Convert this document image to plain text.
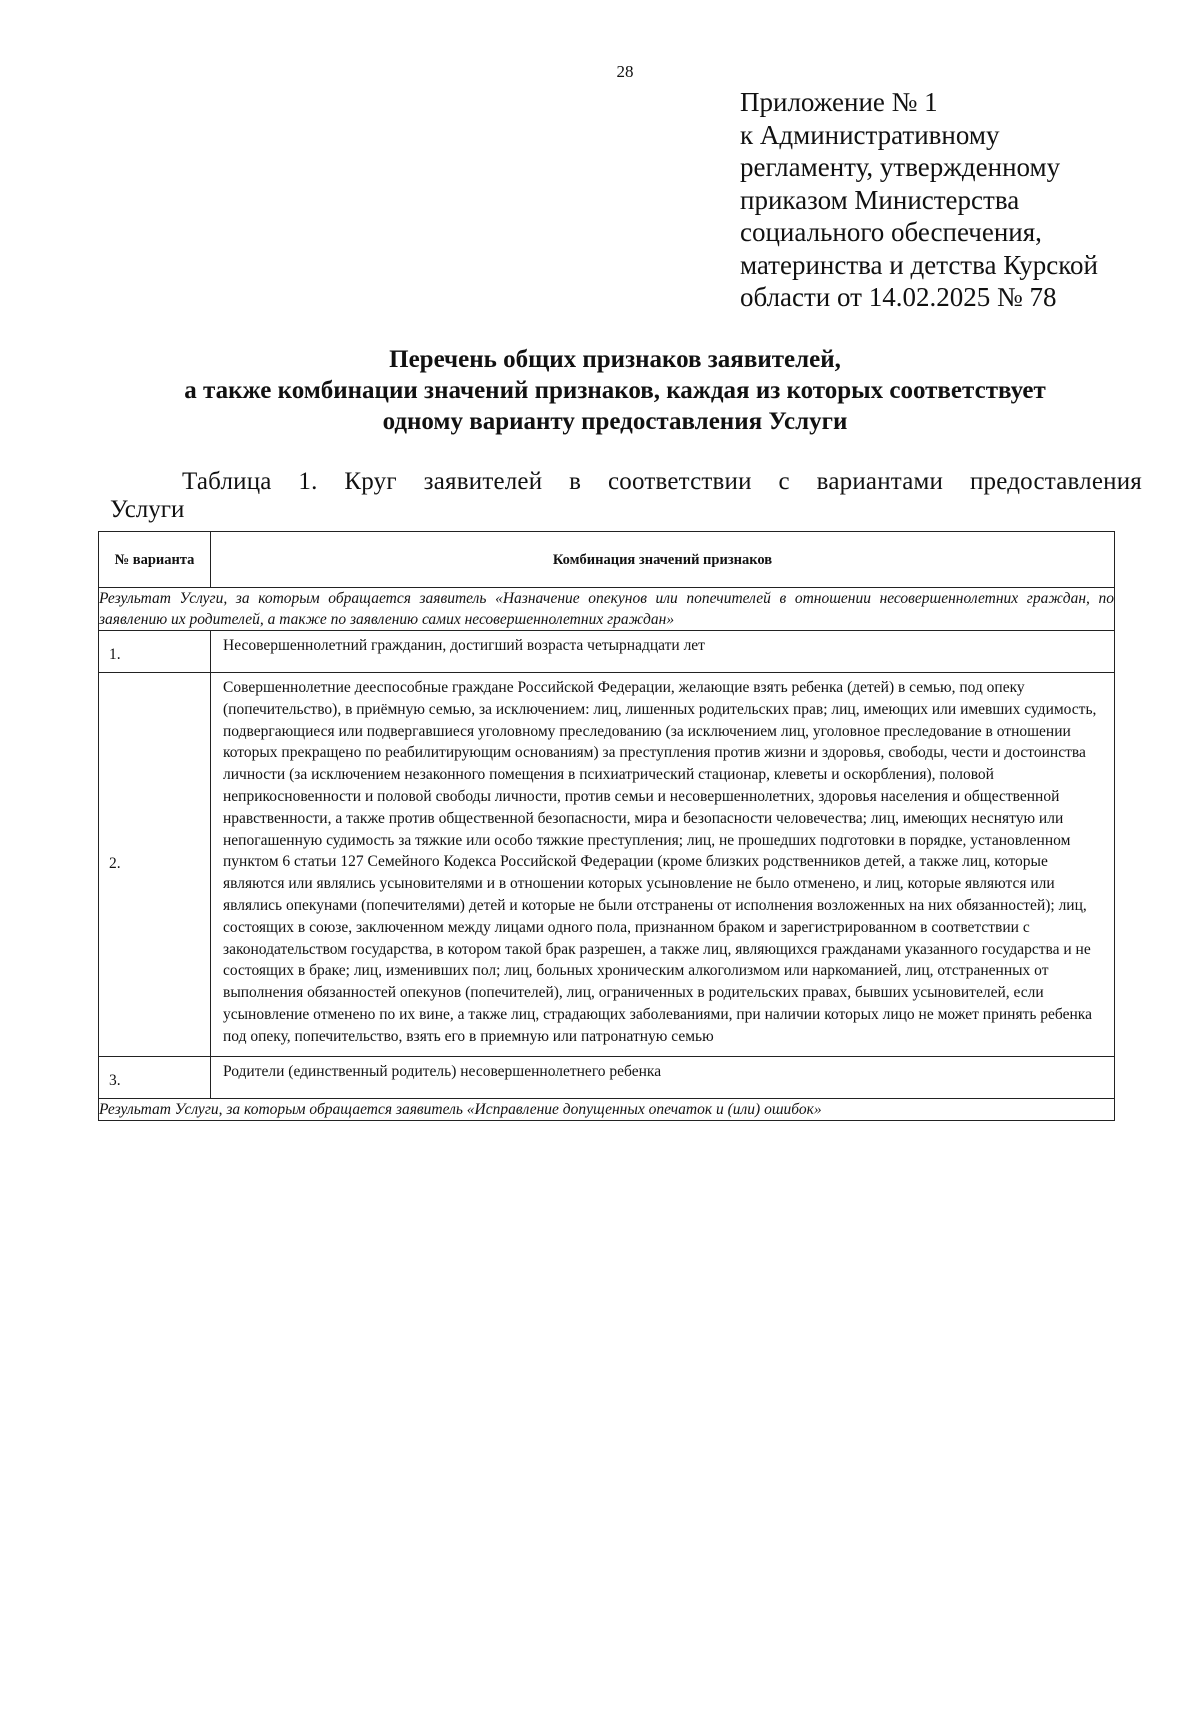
28
Приложение № 1
к Административному
регламенту, утвержденному
приказом Министерства
социального обеспечения,
материнства и детства Курской
области от 14.02.2025 № 78
Перечень общих признаков заявителей,
а также комбинации значений признаков, каждая из которых соответствует
одному варианту предоставления Услуги
Таблица 1. Круг заявителей в соответствии с вариантами предоставления
Услуги
№ варианта	Комбинация значений признаков
Результат Услуги, за которым обращается заявитель «Назначение опекунов или попечителей в отношении несовершеннолетних граждан, по заявлению их родителей, а также по заявлению самих несовершеннолетних граждан»	
1.	Несовершеннолетний гражданин, достигший возраста четырнадцати лет
2.	Совершеннолетние дееспособные граждане Российской Федерации, желающие взять ребенка (детей) в семью, под опеку (попечительство), в приёмную семью, за исключением: лиц, лишенных родительских прав; лиц, имеющих или имевших судимость, подвергающиеся или подвергавшиеся уголовному преследованию (за исключением лиц, уголовное преследование в отношении которых прекращено по реабилитирующим основаниям) за преступления против жизни и здоровья, свободы, чести и достоинства личности (за исключением незаконного помещения в психиатрический стационар, клеветы и оскорбления), половой неприкосновенности и половой свободы личности, против семьи и несовершеннолетних, здоровья населения и общественной нравственности, а также против общественной безопасности, мира и безопасности человечества; лиц, имеющих неснятую или непогашенную судимость за тяжкие или особо тяжкие преступления; лиц, не прошедших подготовки в порядке, установленном пунктом 6 статьи 127 Семейного Кодекса Российской Федерации (кроме близких родственников детей, а также лиц, которые являются или являлись усыновителями и в отношении которых усыновление не было отменено, и лиц, которые являются или являлись опекунами (попечителями) детей и которые не были отстранены от исполнения возложенных на них обязанностей); лиц, состоящих в союзе, заключенном между лицами одного пола, признанном браком и зарегистрированном в соответствии с законодательством государства, в котором такой брак разрешен, а также лиц, являющихся гражданами указанного государства и не состоящих в браке; лиц, изменивших пол; лиц, больных хроническим алкоголизмом или наркоманией, лиц, отстраненных от выполнения обязанностей опекунов (попечителей), лиц, ограниченных в родительских правах, бывших усыновителей, если усыновление отменено по их вине, а также лиц, страдающих заболеваниями, при наличии которых лицо не может принять ребенка под опеку, попечительство, взять его в приемную или патронатную семью
3.	Родители (единственный родитель) несовершеннолетнего ребенка
Результат Услуги, за которым обращается заявитель «Исправление допущенных опечаток и (или) ошибок»	
